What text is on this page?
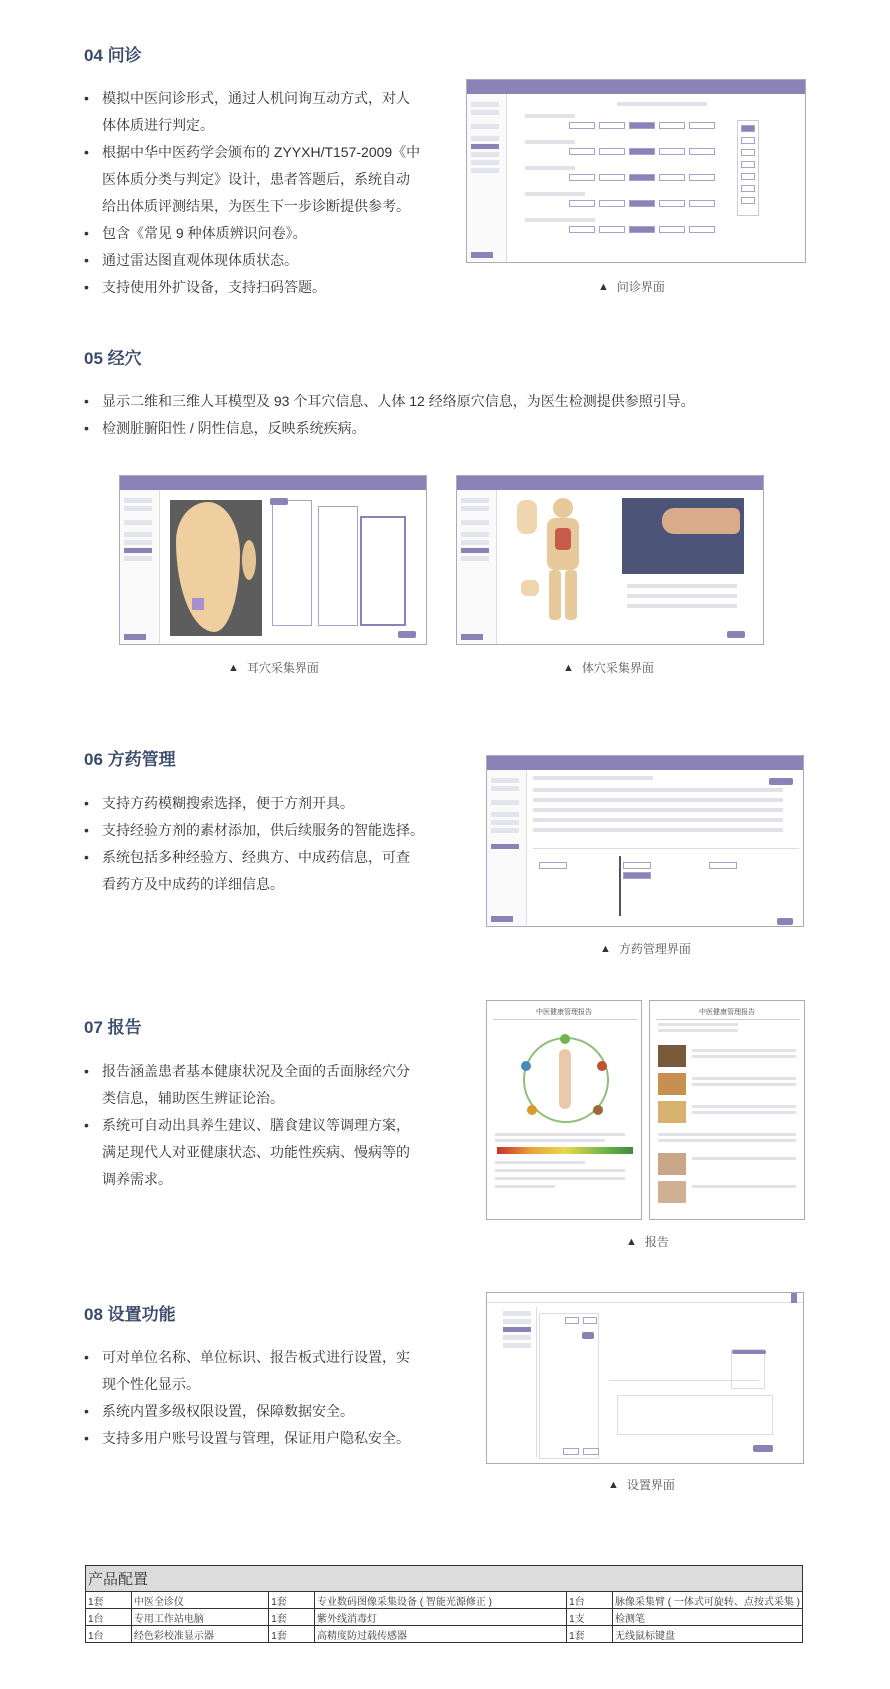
04 问诊
• 模拟中医问诊形式，通过人机问询互动方式，对人
体体质进行判定。
• 根据中华中医药学会颁布的 ZYYXH/T157-2009《中
医体质分类与判定》设计，患者答题后，系统自动
给出体质评测结果，为医生下一步诊断提供参考。
• 包含《常见 9 种体质辨识问卷》。
• 通过雷达图直观体现体质状态。
• 支持使用外扩设备，支持扫码答题。	▲ 问诊界面
05 经穴
• 显示二维和三维人耳模型及 93 个耳穴信息、人体 12 经络原穴信息，为医生检测提供参照引导。
• 检测脏腑阳性 / 阴性信息，反映系统疾病。
▲ 耳穴采集界面	▲ 体穴采集界面
06 方药管理
• 支持方药模糊搜索选择，便于方剂开具。
• 支持经验方剂的素材添加，供后续服务的智能选择。
• 系统包括多种经验方、经典方、中成药信息，可查
看药方及中成药的详细信息。
▲ 方药管理界面
07 报告
• 报告涵盖患者基本健康状况及全面的舌面脉经穴分
类信息，辅助医生辨证论治。
• 系统可自动出具养生建议、膳食建议等调理方案，
满足现代人对亚健康状态、功能性疾病、慢病等的
调养需求。
中医健康管理报告	中医健康管理报告
▲ 报告
08 设置功能
• 可对单位名称、单位标识、报告板式进行设置，实
现个性化显示。
• 系统内置多级权限设置，保障数据安全。
• 支持多用户账号设置与管理，保证用户隐私安全。
▲ 设置界面
产品配置					
1套	中医全诊仪	1套	专业数码图像采集设备 ( 智能光源修正 )	1台	脉像采集臂 ( 一体式可旋转、点按式采集 )
1台	专用工作站电脑	1套	紫外线消毒灯	1支	检测笔
1台	经色彩校准显示器	1套	高精度防过载传感器	1套	无线鼠标键盘
